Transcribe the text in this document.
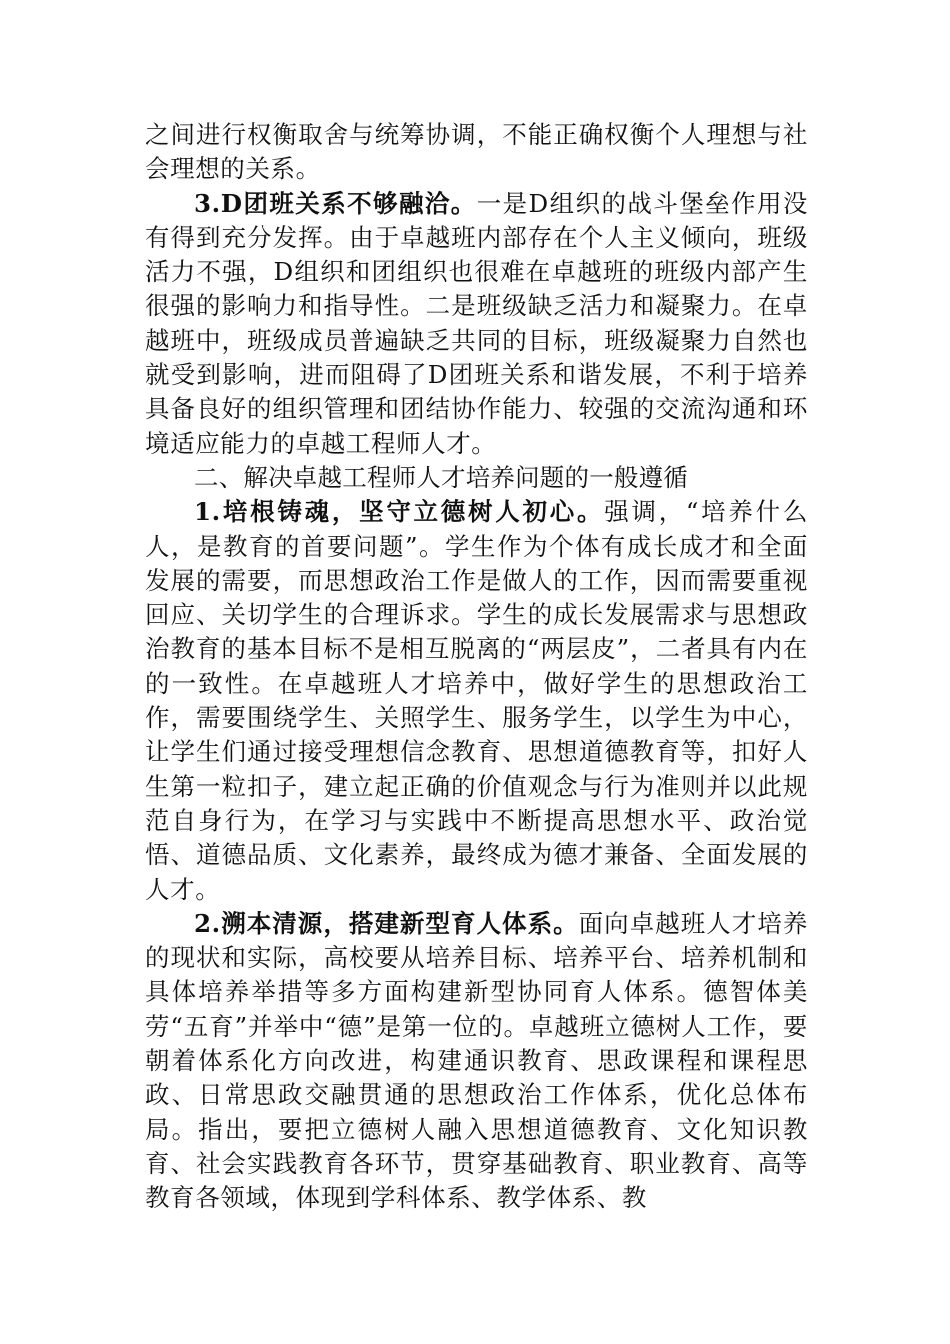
之间进行权衡取舍与统筹协调，不能正确权衡个人理想与社会理想的关系。

3.D团班关系不够融洽。一是D组织的战斗堡垒作用没有得到充分发挥。由于卓越班内部存在个人主义倾向，班级活力不强，D组织和团组织也很难在卓越班的班级内部产生很强的影响力和指导性。二是班级缺乏活力和凝聚力。在卓越班中，班级成员普遍缺乏共同的目标，班级凝聚力自然也就受到影响，进而阻碍了D团班关系和谐发展，不利于培养具备良好的组织管理和团结协作能力、较强的交流沟通和环境适应能力的卓越工程师人才。

二、解决卓越工程师人才培养问题的一般遵循

1.培根铸魂，坚守立德树人初心。强调，“培养什么人，是教育的首要问题”。学生作为个体有成长成才和全面发展的需要，而思想政治工作是做人的工作，因而需要重视回应、关切学生的合理诉求。学生的成长发展需求与思想政治教育的基本目标不是相互脱离的“两层皮”，二者具有内在的一致性。在卓越班人才培养中，做好学生的思想政治工作，需要围绕学生、关照学生、服务学生，以学生为中心，让学生们通过接受理想信念教育、思想道德教育等，扣好人生第一粒扣子，建立起正确的价值观念与行为准则并以此规范自身行为，在学习与实践中不断提高思想水平、政治觉悟、道德品质、文化素养，最终成为德才兼备、全面发展的人才。

2.溯本清源，搭建新型育人体系。面向卓越班人才培养的现状和实际，高校要从培养目标、培养平台、培养机制和具体培养举措等多方面构建新型协同育人体系。德智体美劳“五育”并举中“德”是第一位的。卓越班立德树人工作，要朝着体系化方向改进，构建通识教育、思政课程和课程思政、日常思政交融贯通的思想政治工作体系，优化总体布局。指出，要把立德树人融入思想道德教育、文化知识教育、社会实践教育各环节，贯穿基础教育、职业教育、高等教育各领域，体现到学科体系、教学体系、教
